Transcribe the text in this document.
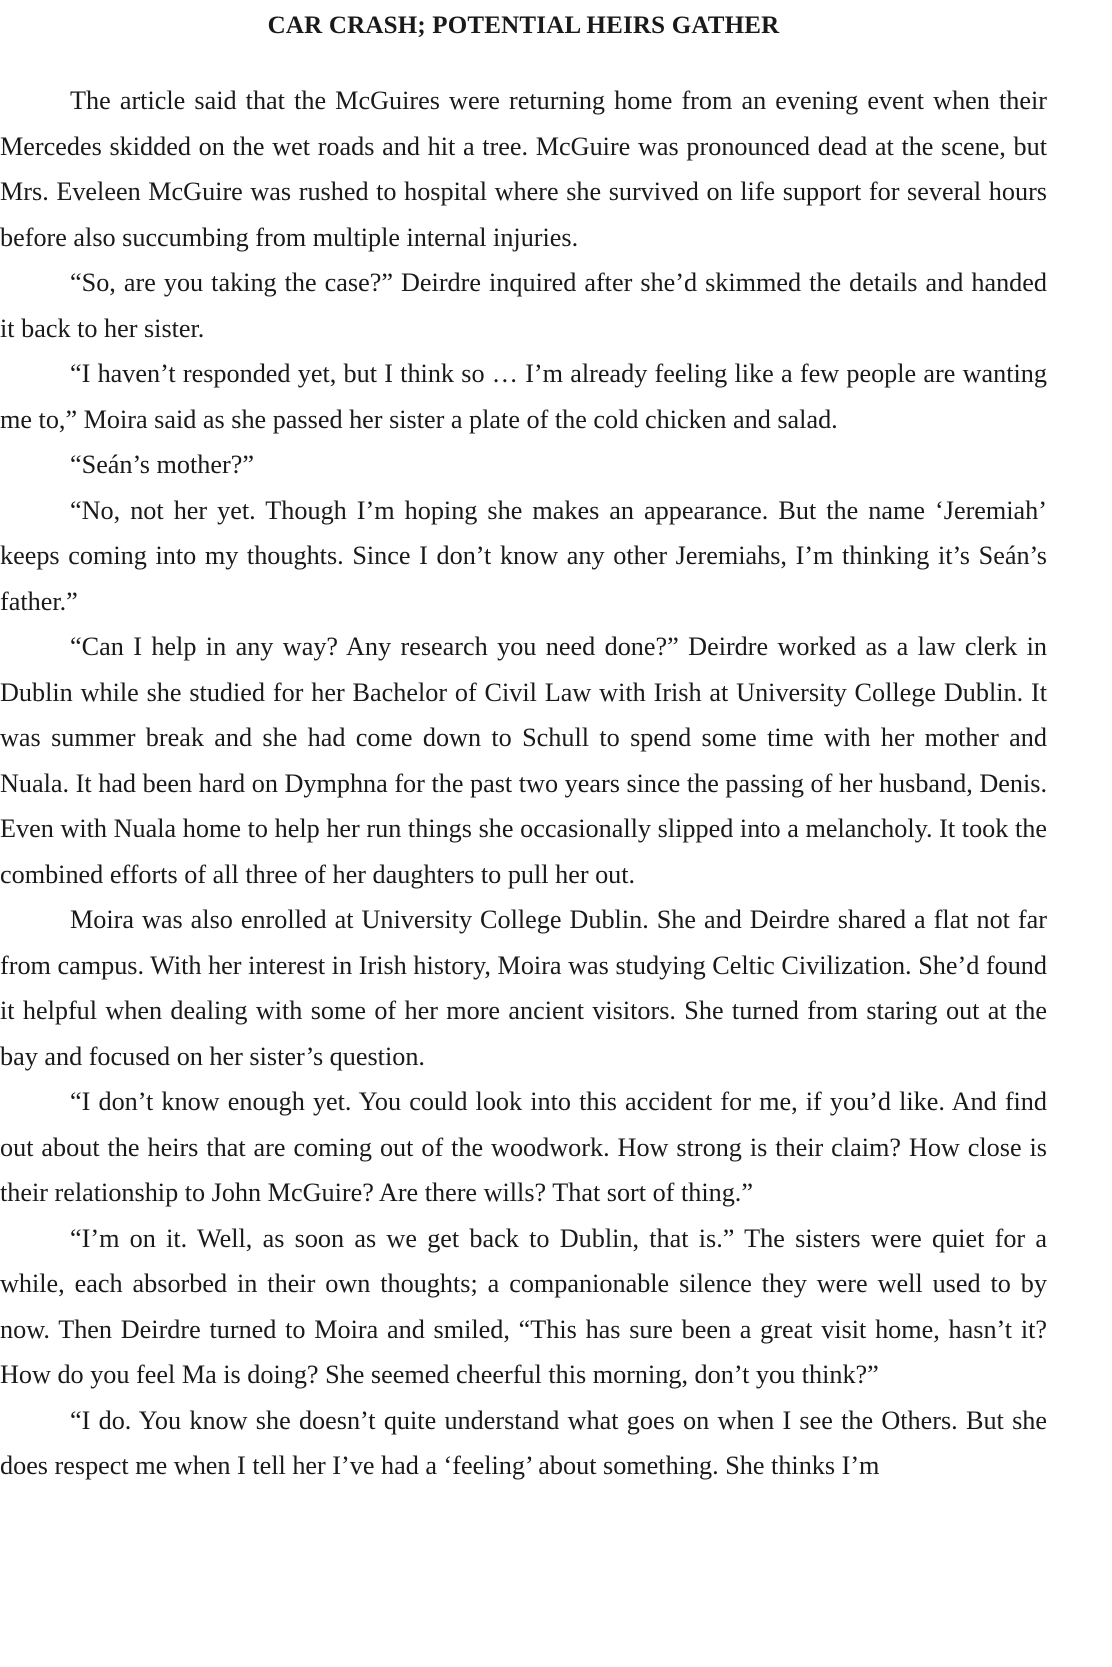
CAR CRASH; POTENTIAL HEIRS GATHER

The article said that the McGuires were returning home from an evening event when their Mercedes skidded on the wet roads and hit a tree. McGuire was pronounced dead at the scene, but Mrs. Eveleen McGuire was rushed to hospital where she survived on life support for several hours before also succumbing from multiple internal injuries.

“So, are you taking the case?” Deirdre inquired after she’d skimmed the details and handed it back to her sister.

“I haven’t responded yet, but I think so … I’m already feeling like a few people are wanting me to,” Moira said as she passed her sister a plate of the cold chicken and salad.

“Seán’s mother?”

“No, not her yet. Though I’m hoping she makes an appearance. But the name ‘Jeremiah’ keeps coming into my thoughts. Since I don’t know any other Jeremiahs, I’m thinking it’s Seán’s father.”

“Can I help in any way? Any research you need done?” Deirdre worked as a law clerk in Dublin while she studied for her Bachelor of Civil Law with Irish at University College Dublin. It was summer break and she had come down to Schull to spend some time with her mother and Nuala. It had been hard on Dymphna for the past two years since the passing of her husband, Denis. Even with Nuala home to help her run things she occasionally slipped into a melancholy. It took the combined efforts of all three of her daughters to pull her out.

Moira was also enrolled at University College Dublin. She and Deirdre shared a flat not far from campus. With her interest in Irish history, Moira was studying Celtic Civilization. She’d found it helpful when dealing with some of her more ancient visitors. She turned from staring out at the bay and focused on her sister’s question.

“I don’t know enough yet. You could look into this accident for me, if you’d like. And find out about the heirs that are coming out of the woodwork. How strong is their claim? How close is their relationship to John McGuire? Are there wills? That sort of thing.”

“I’m on it. Well, as soon as we get back to Dublin, that is.” The sisters were quiet for a while, each absorbed in their own thoughts; a companionable silence they were well used to by now. Then Deirdre turned to Moira and smiled, “This has sure been a great visit home, hasn’t it? How do you feel Ma is doing? She seemed cheerful this morning, don’t you think?”

“I do. You know she doesn’t quite understand what goes on when I see the Others. But she does respect me when I tell her I’ve had a ‘feeling’ about something. She thinks I’m
